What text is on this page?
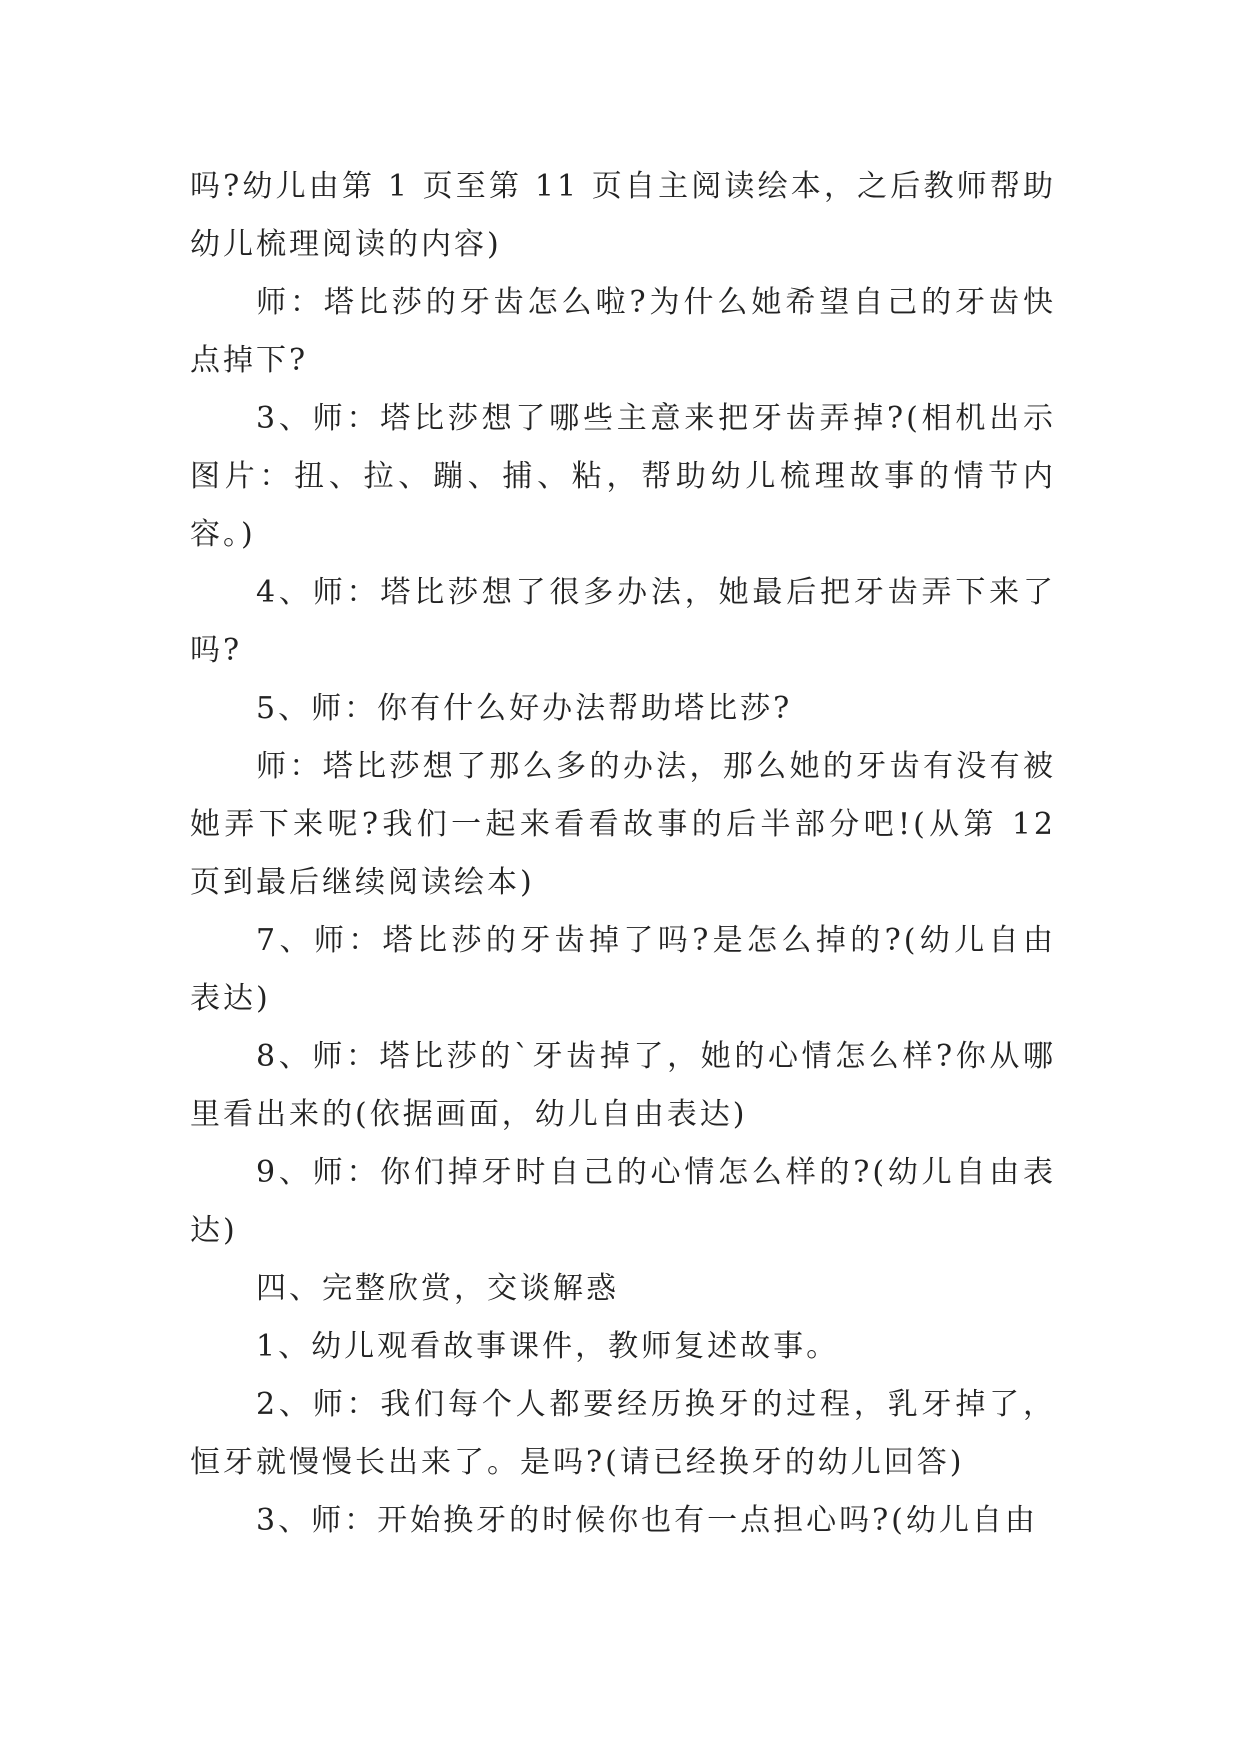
吗?幼儿由第 1 页至第 11 页自主阅读绘本，之后教师帮助幼儿梳理阅读的内容)

师：塔比莎的牙齿怎么啦?为什么她希望自己的牙齿快点掉下?

3、师：塔比莎想了哪些主意来把牙齿弄掉?(相机出示图片：扭、拉、蹦、捕、粘，帮助幼儿梳理故事的情节内容。)

4、师：塔比莎想了很多办法，她最后把牙齿弄下来了吗?

5、师：你有什么好办法帮助塔比莎?

师：塔比莎想了那么多的办法，那么她的牙齿有没有被她弄下来呢?我们一起来看看故事的后半部分吧!(从第 12 页到最后继续阅读绘本)

7、师：塔比莎的牙齿掉了吗?是怎么掉的?(幼儿自由表达)

8、师：塔比莎的`牙齿掉了，她的心情怎么样?你从哪里看出来的(依据画面，幼儿自由表达)

9、师：你们掉牙时自己的心情怎么样的?(幼儿自由表达)

四、完整欣赏，交谈解惑

1、幼儿观看故事课件，教师复述故事。

2、师：我们每个人都要经历换牙的过程，乳牙掉了，恒牙就慢慢长出来了。是吗?(请已经换牙的幼儿回答)

3、师：开始换牙的时候你也有一点担心吗?(幼儿自由
